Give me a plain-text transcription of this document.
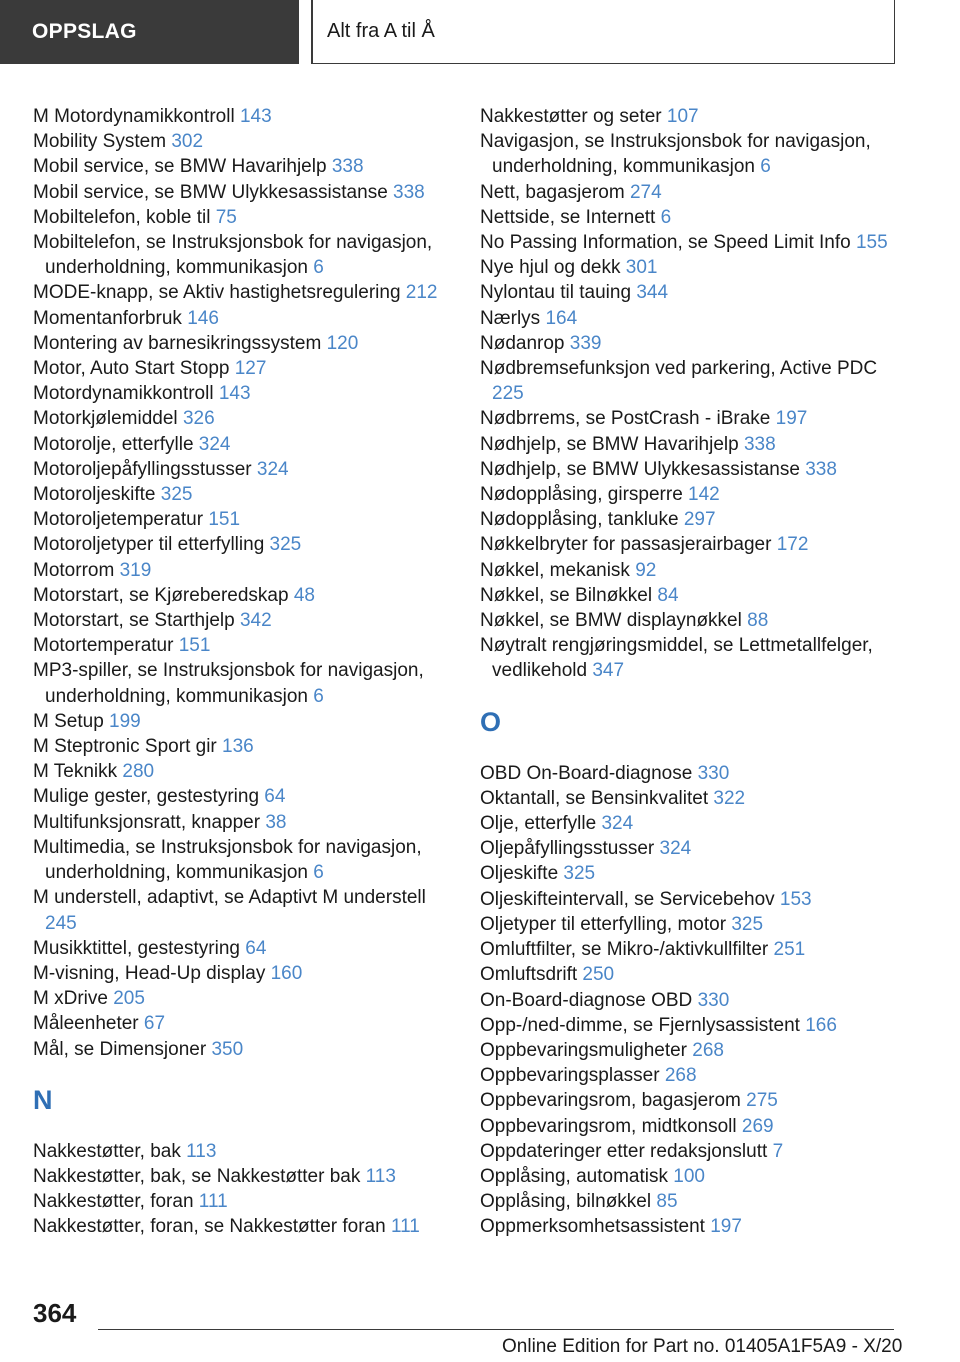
OPPSLAG	Alt fra A til Å
M Motordynamikkontroll 143
Mobility System 302
Mobil service, se BMW Havarihjelp 338
Mobil service, se BMW Ulykkesassistanse 338
Mobiltelefon, koble til 75
Mobiltelefon, se Instruksjonsbok for navigasjon, underholdning, kommunikasjon 6
MODE-knapp, se Aktiv hastighetsregulering 212
Momentanforbruk 146
Montering av barnesikringssystem 120
Motor, Auto Start Stopp 127
Motordynamikkontroll 143
Motorkjølemiddel 326
Motorolje, etterfylle 324
Motoroljepåfyllingsstusser 324
Motoroljeskifte 325
Motoroljetemperatur 151
Motoroljetyper til etterfylling 325
Motorrom 319
Motorstart, se Kjøreberedskap 48
Motorstart, se Starthjelp 342
Motortemperatur 151
MP3-spiller, se Instruksjonsbok for navigasjon, underholdning, kommunikasjon 6
M Setup 199
M Steptronic Sport gir 136
M Teknikk 280
Mulige gester, gestestyring 64
Multifunksjonsratt, knapper 38
Multimedia, se Instruksjonsbok for navigasjon, underholdning, kommunikasjon 6
M understell, adaptivt, se Adaptivt M understell 245
Musikktittel, gestestyring 64
M-visning, Head-Up display 160
M xDrive 205
Måleenheter 67
Mål, se Dimensjoner 350
N
Nakkestøtter, bak 113
Nakkestøtter, bak, se Nakkestøtter bak 113
Nakkestøtter, foran 111
Nakkestøtter, foran, se Nakkestøtter foran 111
Nakkestøtter og seter 107
Navigasjon, se Instruksjonsbok for navigasjon, underholdning, kommunikasjon 6
Nett, bagasjerom 274
Nettside, se Internett 6
No Passing Information, se Speed Limit Info 155
Nye hjul og dekk 301
Nylontau til tauing 344
Nærlys 164
Nødanrop 339
Nødbremsefunksjon ved parkering, Active PDC 225
Nødbrrems, se PostCrash - iBrake 197
Nødhjelp, se BMW Havarihjelp 338
Nødhjelp, se BMW Ulykkesassistanse 338
Nødopplåsing, girsperre 142
Nødopplåsing, tankluke 297
Nøkkelbryter for passasjerairbager 172
Nøkkel, mekanisk 92
Nøkkel, se Bilnøkkel 84
Nøkkel, se BMW displaynøkkel 88
Nøytralt rengjøringsmiddel, se Lettmetallfelger, vedlikehold 347
O
OBD On-Board-diagnose 330
Oktantall, se Bensinkvalitet 322
Olje, etterfylle 324
Oljepåfyllingsstusser 324
Oljeskifte 325
Oljeskifteintervall, se Servicebehov 153
Oljetyper til etterfylling, motor 325
Omluftfilter, se Mikro-/aktivkullfilter 251
Omluftsdrift 250
On-Board-diagnose OBD 330
Opp-/ned-dimme, se Fjernlysassistent 166
Oppbevaringsmuligheter 268
Oppbevaringsplasser 268
Oppbevaringsrom, bagasjerom 275
Oppbevaringsrom, midtkonsoll 269
Oppdateringer etter redaksjonslutt 7
Opplåsing, automatisk 100
Opplåsing, bilnøkkel 85
Oppmerksomhetsassistent 197
364
Online Edition for Part no. 01405A1F5A9 - X/20
